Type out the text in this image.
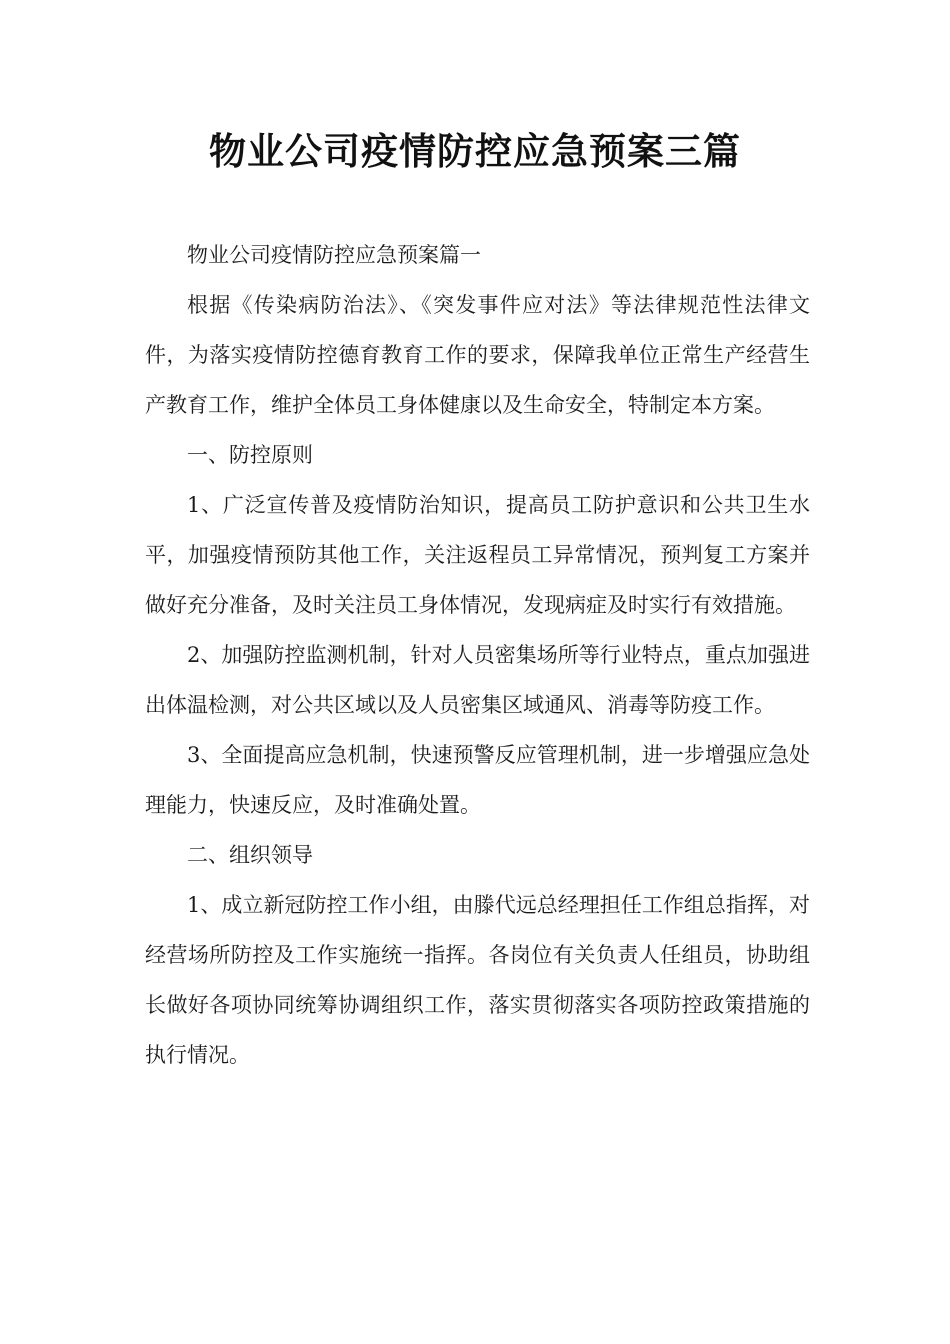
物业公司疫情防控应急预案三篇

物业公司疫情防控应急预案篇一

根据《传染病防治法》、《突发事件应对法》等法律规范性法律文件，为落实疫情防控德育教育工作的要求，保障我单位正常生产经营生产教育工作，维护全体员工身体健康以及生命安全，特制定本方案。

一、防控原则

1、广泛宣传普及疫情防治知识，提高员工防护意识和公共卫生水平，加强疫情预防其他工作，关注返程员工异常情况，预判复工方案并做好充分准备，及时关注员工身体情况，发现病症及时实行有效措施。

2、加强防控监测机制，针对人员密集场所等行业特点，重点加强进出体温检测，对公共区域以及人员密集区域通风、消毒等防疫工作。

3、全面提高应急机制，快速预警反应管理机制，进一步增强应急处理能力，快速反应，及时准确处置。

二、组织领导

1、成立新冠防控工作小组，由滕代远总经理担任工作组总指挥，对经营场所防控及工作实施统一指挥。各岗位有关负责人任组员，协助组长做好各项协同统筹协调组织工作，落实贯彻落实各项防控政策措施的执行情况。
